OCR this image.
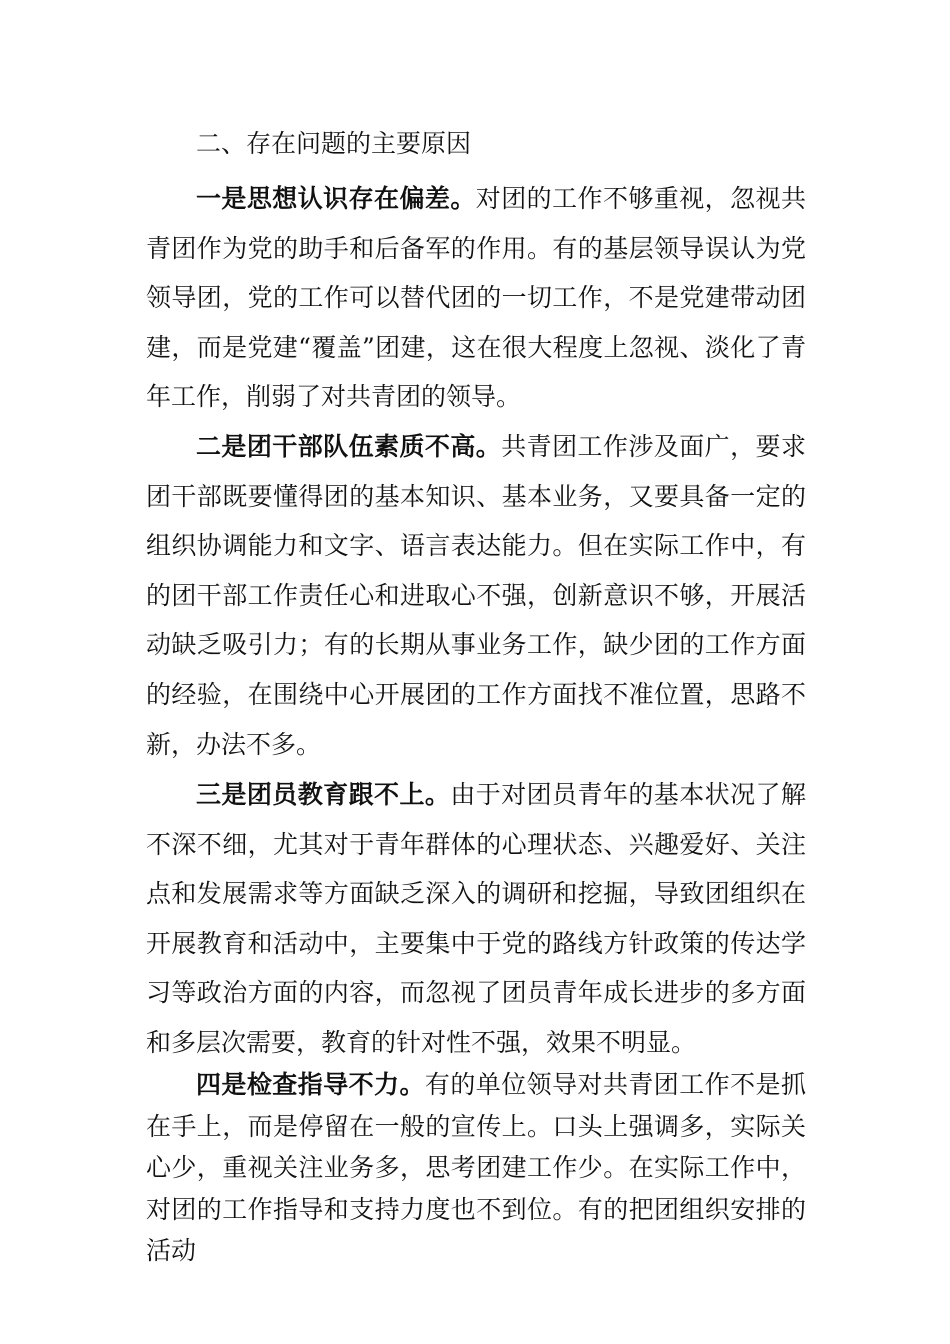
二、存在问题的主要原因

一是思想认识存在偏差。对团的工作不够重视，忽视共青团作为党的助手和后备军的作用。有的基层领导误认为党领导团，党的工作可以替代团的一切工作，不是党建带动团建，而是党建“覆盖”团建，这在很大程度上忽视、淡化了青年工作，削弱了对共青团的领导。

二是团干部队伍素质不高。共青团工作涉及面广，要求团干部既要懂得团的基本知识、基本业务，又要具备一定的组织协调能力和文字、语言表达能力。但在实际工作中，有的团干部工作责任心和进取心不强，创新意识不够，开展活动缺乏吸引力；有的长期从事业务工作，缺少团的工作方面的经验，在围绕中心开展团的工作方面找不准位置，思路不新，办法不多。

三是团员教育跟不上。由于对团员青年的基本状况了解不深不细，尤其对于青年群体的心理状态、兴趣爱好、关注点和发展需求等方面缺乏深入的调研和挖掘，导致团组织在开展教育和活动中，主要集中于党的路线方针政策的传达学习等政治方面的内容，而忽视了团员青年成长进步的多方面和多层次需要，教育的针对性不强，效果不明显。

四是检查指导不力。有的单位领导对共青团工作不是抓在手上，而是停留在一般的宣传上。口头上强调多，实际关心少，重视关注业务多，思考团建工作少。在实际工作中，对团的工作指导和支持力度也不到位。有的把团组织安排的活动
